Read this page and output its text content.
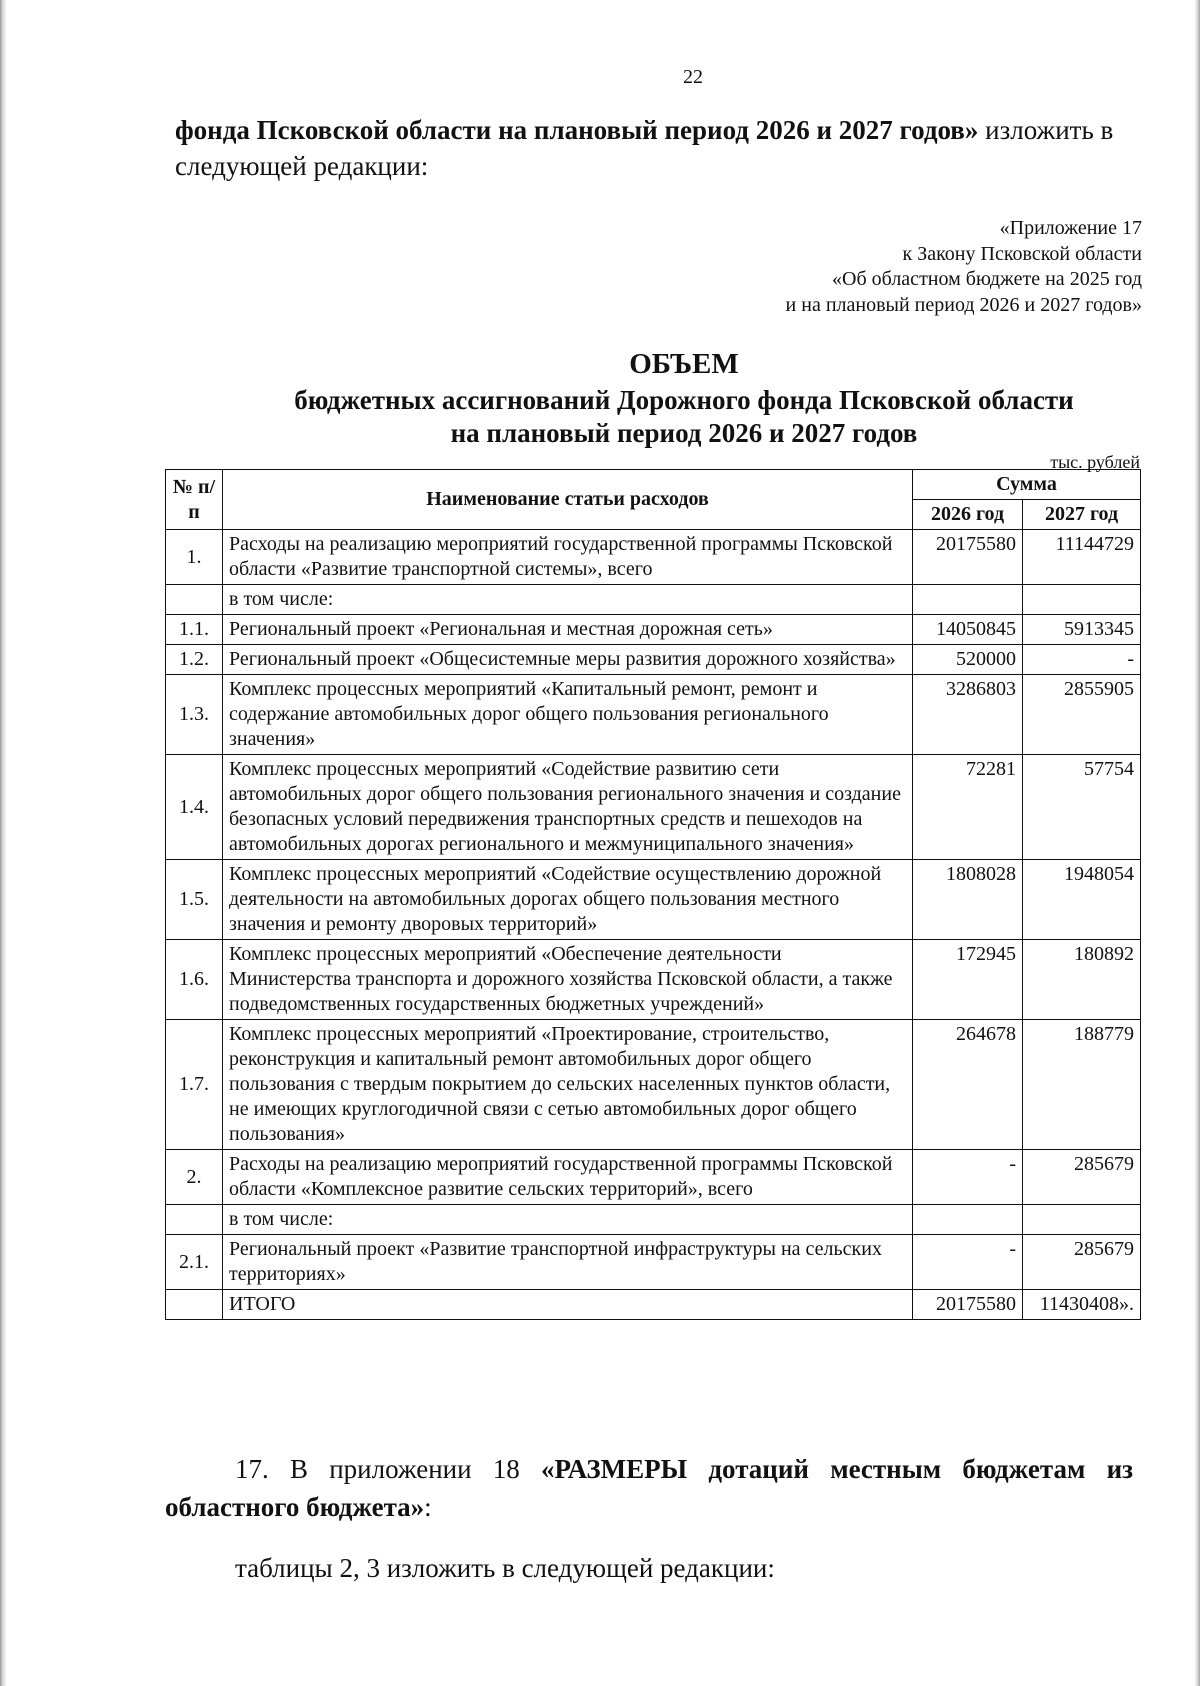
22

фонда Псковской области на плановый период 2026 и 2027 годов» изложить в следующей редакции:

«Приложение 17
к Закону Псковской области
«Об областном бюджете на 2025 год
и на плановый период 2026 и 2027 годов»
ОБЪЕМ
бюджетных ассигнований Дорожного фонда Псковской области
на плановый период 2026 и 2027 годов
тыс. рублей
№ п/п	Наименование статьи расходов	Сумма	
		2026 год	2027 год
1.	Расходы на реализацию мероприятий государственной программы Псковской области «Развитие транспортной системы», всего	20175580	11144729
	в том числе:		
1.1.	Региональный проект «Региональная и местная дорожная сеть»	14050845	5913345
1.2.	Региональный проект «Общесистемные меры развития дорожного хозяйства»	520000	-
1.3.	Комплекс процессных мероприятий «Капитальный ремонт, ремонт и содержание автомобильных дорог общего пользования регионального значения»	3286803	2855905
1.4.	Комплекс процессных мероприятий «Содействие развитию сети автомобильных дорог общего пользования регионального значения и создание безопасных условий передвижения транспортных средств и пешеходов на автомобильных дорогах регионального и межмуниципального значения»	72281	57754
1.5.	Комплекс процессных мероприятий «Содействие осуществлению дорожной деятельности на автомобильных дорогах общего пользования местного значения и ремонту дворовых территорий»	1808028	1948054
1.6.	Комплекс процессных мероприятий «Обеспечение деятельности Министерства транспорта и дорожного хозяйства Псковской области, а также подведомственных государственных бюджетных учреждений»	172945	180892
1.7.	Комплекс процессных мероприятий «Проектирование, строительство, реконструкция и капитальный ремонт автомобильных дорог общего пользования с твердым покрытием до сельских населенных пунктов области, не имеющих круглогодичной связи с сетью автомобильных дорог общего пользования»	264678	188779
2.	Расходы на реализацию мероприятий государственной программы Псковской области «Комплексное развитие сельских территорий», всего	-	285679
	в том числе:		
2.1.	Региональный проект «Развитие транспортной инфраструктуры на сельских территориях»	-	285679
	ИТОГО	20175580	11430408».

17. В приложении 18 «РАЗМЕРЫ дотаций местным бюджетам из областного бюджета»:

таблицы 2, 3 изложить в следующей редакции:
